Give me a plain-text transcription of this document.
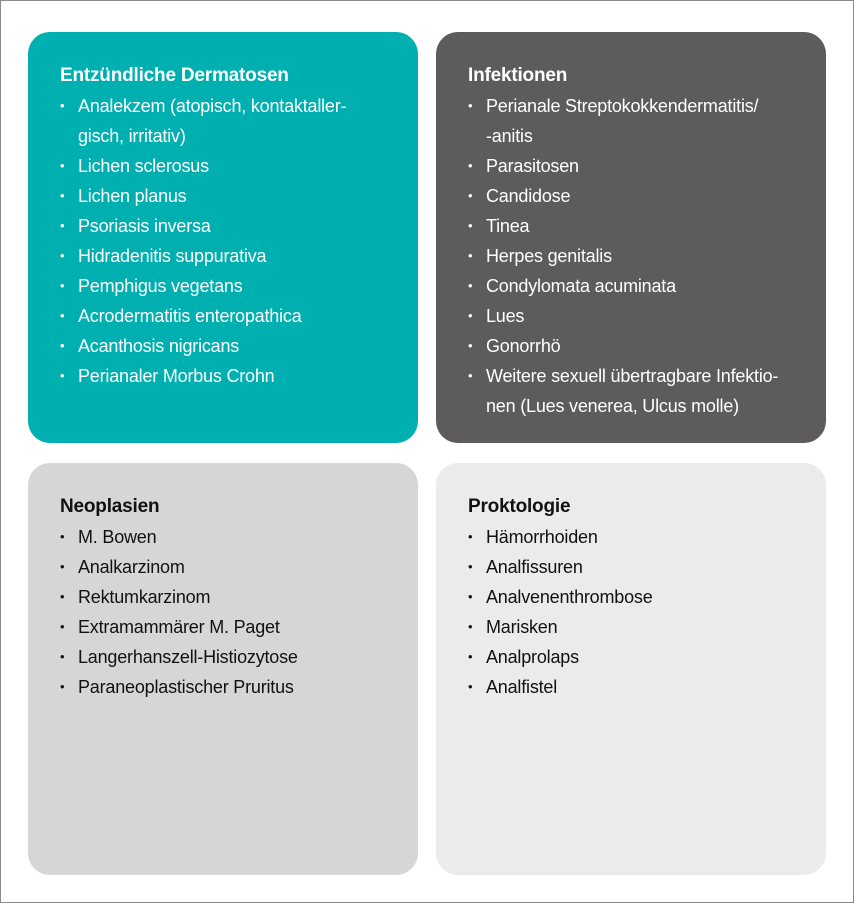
Entzündliche Dermatosen
• Analekzem (atopisch, kontaktaller-
gisch, irritativ)
• Lichen sclerosus
• Lichen planus
• Psoriasis inversa
• Hidradenitis suppurativa
• Pemphigus vegetans
• Acrodermatitis enteropathica
• Acanthosis nigricans
• Perianaler Morbus Crohn
Infektionen
• Perianale Streptokokkendermatitis/
-anitis
• Parasitosen
• Candidose
• Tinea
• Herpes genitalis
• Condylomata acuminata
• Lues
• Gonorrhö
• Weitere sexuell übertragbare Infektio-
nen (Lues venerea, Ulcus molle)
Neoplasien
• M. Bowen
• Analkarzinom
• Rektumkarzinom
• Extramammärer M. Paget
• Langerhanszell-Histiozytose
• Paraneoplastischer Pruritus
Proktologie
• Hämorrhoiden
• Analfissuren
• Analvenenthrombose
• Marisken
• Analprolaps
• Analfistel
